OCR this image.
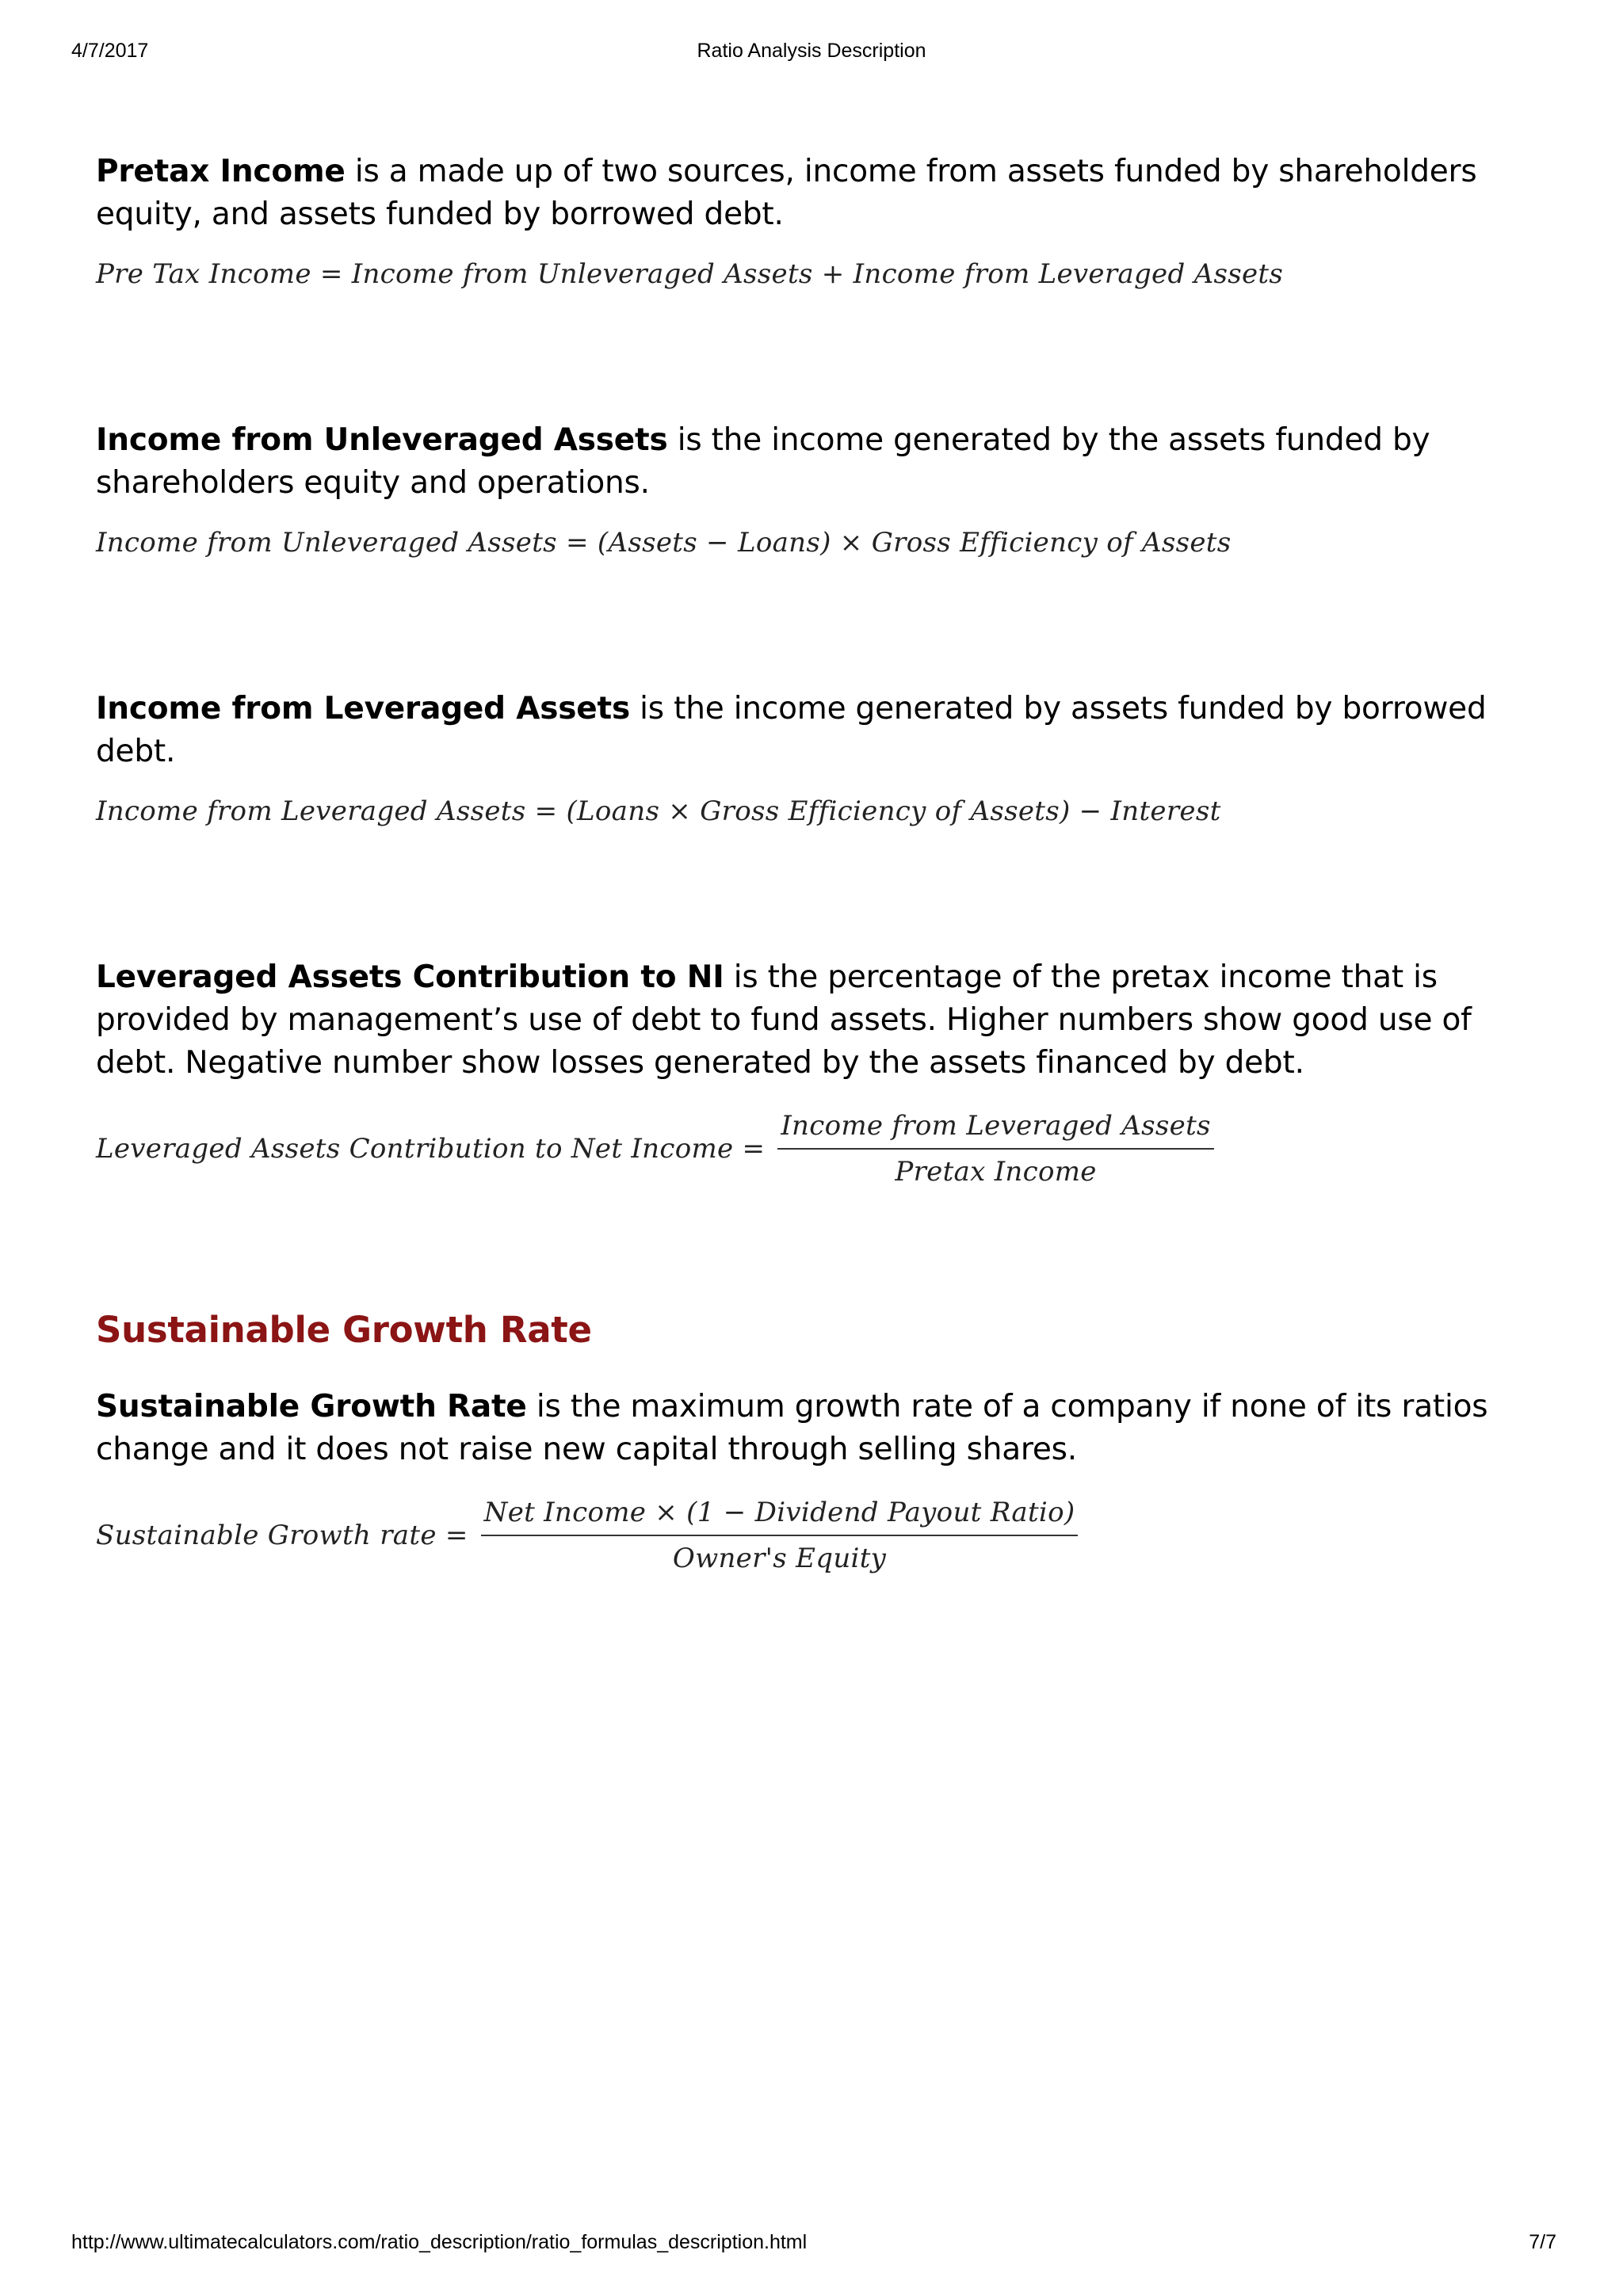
4/7/2017	Ratio Analysis Description

Pretax Income is a made up of two sources, income from assets funded by shareholders equity, and assets funded by borrowed debt.

Pre Tax Income = Income from Unleveraged Assets + Income from Leveraged Assets

Income from Unleveraged Assets is the income generated by the assets funded by shareholders equity and operations.

Income from Unleveraged Assets = (Assets − Loans) × Gross Efficiency of Assets

Income from Leveraged Assets is the income generated by assets funded by borrowed debt.

Income from Leveraged Assets = (Loans × Gross Efficiency of Assets) − Interest

Leveraged Assets Contribution to NI is the percentage of the pretax income that is provided by management’s use of debt to fund assets. Higher numbers show good use of debt. Negative number show losses generated by the assets financed by debt.

Leveraged Assets Contribution to Net Income = $\frac{\text{Income from Leveraged Assets}}{\text{Pretax Income}}$
Sustainable Growth Rate

Sustainable Growth Rate is the maximum growth rate of a company if none of its ratios change and it does not raise new capital through selling shares.

Sustainable Growth rate = $\frac{\text{Net Income × (1 − Dividend Payout Ratio)}}{\text{Owner's Equity}}$
http://www.ultimatecalculators.com/ratio_description/ratio_formulas_description.html	7/7
